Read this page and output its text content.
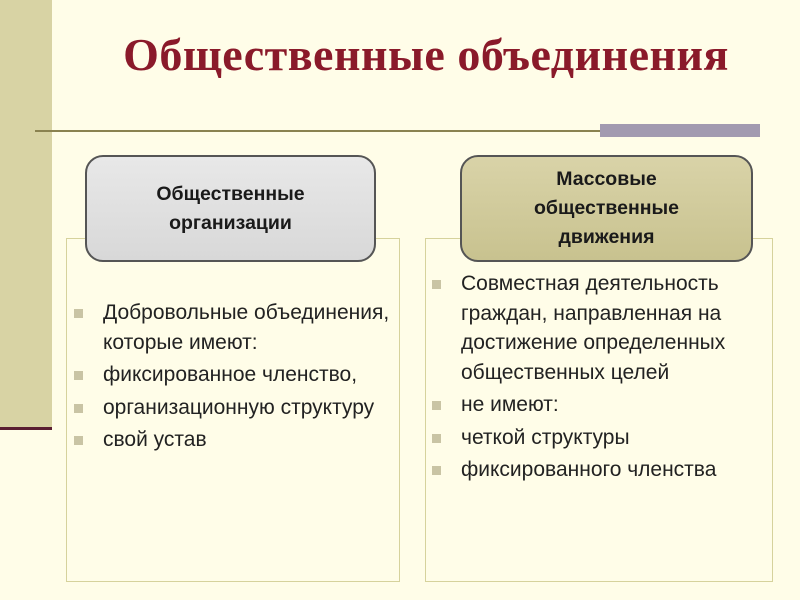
Общественные объединения
Общественные
организации
Массовые
общественные
движения
Добровольные объединения, которые имеют:
фиксированное членство,
организационную структуру
свой устав
Совместная деятельность граждан, направленная на достижение определенных общественных целей
не имеют:
четкой структуры
фиксированного членства
